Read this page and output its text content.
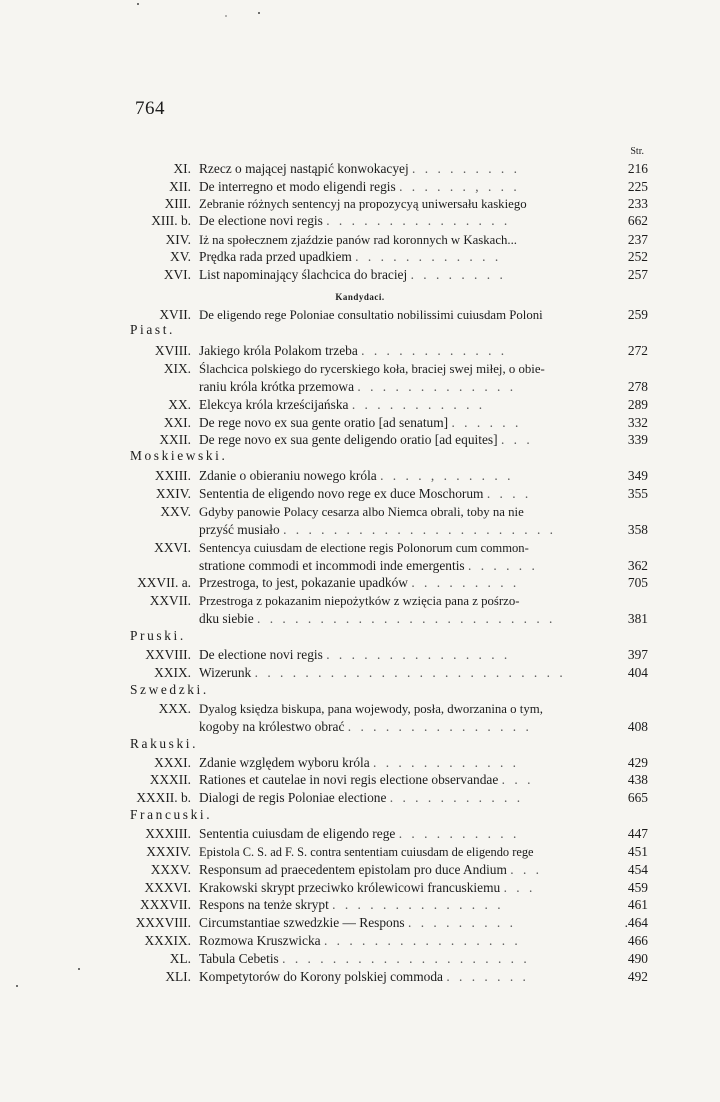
764
Str.
XI. Rzecz o mającej nastąpić konwokacyej . . . . . . . . .	216
XII. De interregno et modo eligendi regis . . . . . . , . . .	225
XIII. Zebranie różnych sentencyj na propozycyą uniwersału kaskiego	233
XIII. b. De electione novi regis . . . . . . . . . . . . . . .	662
XIV. Iż na społecznem zjaździe panów rad koronnych w Kaskach...	237
XV. Prędka rada przed upadkiem . . . . . . . . . . . .	252
XVI. List napominający ślachcica do braciej . . . . . . . .	257
Kandydaci.
XVII. De eligendo rege Poloniae consultatio nobilissimi cuiusdam Poloni	259
Piast.
XVIII. Jakiego króla Polakom trzeba . . . . . . . . . . . .	272
XIX. Ślachcica polskiego do rycerskiego koła, braciej swej miłej, o obie-
raniu króla krótka przemowa . . . . . . . . . . . . .	278
XX. Elekcya króla krześcijańska . . . . . . . . . . .	289
XXI. De rege novo ex sua gente oratio [ad senatum] . . . . . .	332
XXII. De rege novo ex sua gente deligendo oratio [ad equites] . . .	339
Moskiewski.
XXIII. Zdanie o obieraniu nowego króla . . . . , . . . . . .	349
XXIV. Sententia de eligendo novo rege ex duce Moschorum . . . .	355
XXV. Gdyby panowie Polacy cesarza albo Niemca obrali, toby na nie
przyść musiało . . . . . . . . . . . . . . . . . . . . . .	358
XXVI. Sentencya cuiusdam de electione regis Polonorum cum common-
stratione commodi et incommodi inde emergentis . . . . . .	362
XXVII. a. Przestroga, to jest, pokazanie upadków . . . . . . . . .	705
XXVII. Przestroga z pokazanim niepożytków z wzięcia pana z pośrzo-
dku siebie . . . . . . . . . . . . . . . . . . . . . . . .	381
Pruski.
XXVIII. De electione novi regis . . . . . . . . . . . . . . .	397
XXIX. Wizerunk . . . . . . . . . . . . . . . . . . . . . . . . .	404
Szwedzki.
XXX. Dyalog księdza biskupa, pana wojewody, posła, dworzanina o tym,
kogoby na królestwo obrać . . . . . . . . . . . . . . .	408
Rakuski.
XXXI. Zdanie względem wyboru króla . . . . . . . . . . . .	429
XXXII. Rationes et cautelae in novi regis electione observandae . . .	438
XXXII. b. Dialogi de regis Poloniae electione . . . . . . . . . . .	665
Francuski.
XXXIII. Sententia cuiusdam de eligendo rege . . . . . . . . . .	447
XXXIV. Epistola C. S. ad F. S. contra sententiam cuiusdam de eligendo rege	451
XXXV. Responsum ad praecedentem epistolam pro duce Andium . . .	454
XXXVI. Krakowski skrypt przeciwko królewicowi francuskiemu . . .	459
XXXVII. Respons na tenże skrypt . . . . . . . . . . . . . .	461
XXXVIII. Circumstantiae szwedzkie — Respons . . . . . . . . .	.464
XXXIX. Rozmowa Kruszwicka . . . . . . . . . . . . . . . .	466
XL. Tabula Cebetis . . . . . . . . . . . . . . . . . . . .	490
XLI. Kompetytorów do Korony polskiej commoda . . . . . . .	492
